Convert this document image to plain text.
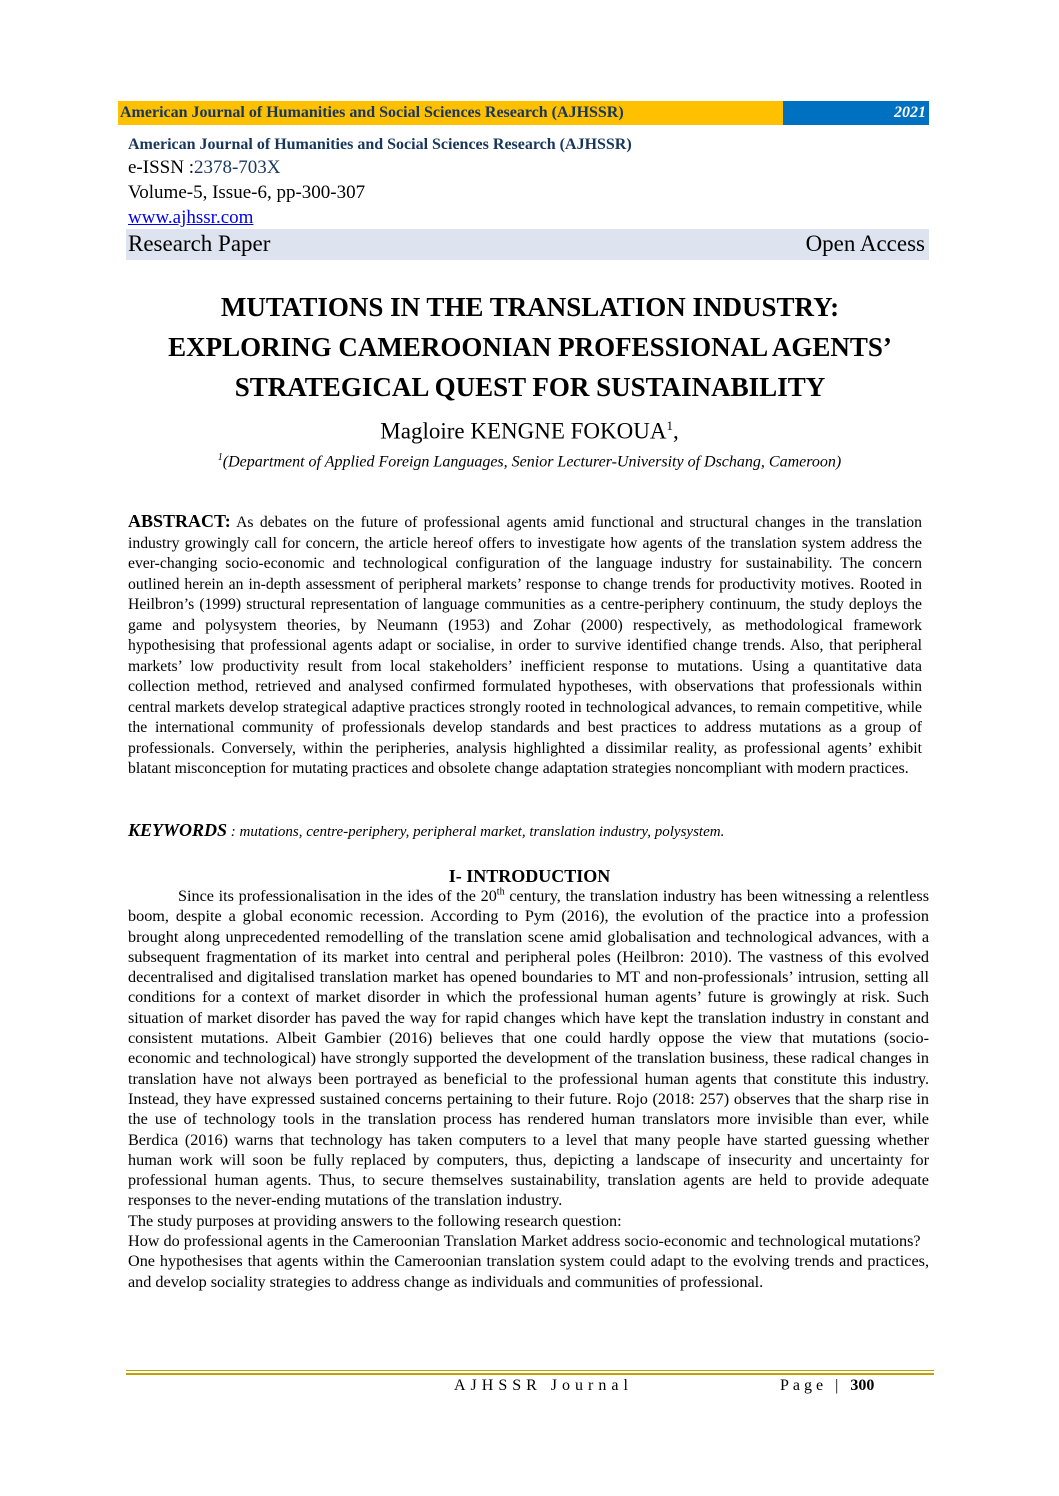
American Journal of Humanities and Social Sciences Research (AJHSSR)	2021
American Journal of Humanities and Social Sciences Research (AJHSSR)
e-ISSN :2378-703X
Volume-5, Issue-6, pp-300-307
www.ajhssr.com
Research Paper	Open Access
MUTATIONS IN THE TRANSLATION INDUSTRY:
EXPLORING CAMEROONIAN PROFESSIONAL AGENTS’
STRATEGICAL QUEST FOR SUSTAINABILITY
Magloire KENGNE FOKOUA$^1$,
$^1$(Department of Applied Foreign Languages, Senior Lecturer-University of Dschang, Cameroon)
ABSTRACT: As debates on the future of professional agents amid functional and structural changes in the translation industry growingly call for concern, the article hereof offers to investigate how agents of the translation system address the ever-changing socio-economic and technological configuration of the language industry for sustainability. The concern outlined herein an in-depth assessment of peripheral markets’ response to change trends for productivity motives. Rooted in Heilbron’s (1999) structural representation of language communities as a centre-periphery continuum, the study deploys the game and polysystem theories, by Neumann (1953) and Zohar (2000) respectively, as methodological framework hypothesising that professional agents adapt or socialise, in order to survive identified change trends. Also, that peripheral markets’ low productivity result from local stakeholders’ inefficient response to mutations. Using a quantitative data collection method, retrieved and analysed confirmed formulated hypotheses, with observations that professionals within central markets develop strategical adaptive practices strongly rooted in technological advances, to remain competitive, while the international community of professionals develop standards and best practices to address mutations as a group of professionals. Conversely, within the peripheries, analysis highlighted a dissimilar reality, as professional agents’ exhibit blatant misconception for mutating practices and obsolete change adaptation strategies noncompliant with modern practices.
KEYWORDS : mutations, centre-periphery, peripheral market, translation industry, polysystem.
I- INTRODUCTION

Since its professionalisation in the ides of the 20th century, the translation industry has been witnessing a relentless boom, despite a global economic recession. According to Pym (2016), the evolution of the practice into a profession brought along unprecedented remodelling of the translation scene amid globalisation and technological advances, with a subsequent fragmentation of its market into central and peripheral poles (Heilbron: 2010). The vastness of this evolved decentralised and digitalised translation market has opened boundaries to MT and non-professionals’ intrusion, setting all conditions for a context of market disorder in which the professional human agents’ future is growingly at risk. Such situation of market disorder has paved the way for rapid changes which have kept the translation industry in constant and consistent mutations. Albeit Gambier (2016) believes that one could hardly oppose the view that mutations (socio-economic and technological) have strongly supported the development of the translation business, these radical changes in translation have not always been portrayed as beneficial to the professional human agents that constitute this industry. Instead, they have expressed sustained concerns pertaining to their future. Rojo (2018: 257) observes that the sharp rise in the use of technology tools in the translation process has rendered human translators more invisible than ever, while Berdica (2016) warns that technology has taken computers to a level that many people have started guessing whether human work will soon be fully replaced by computers, thus, depicting a landscape of insecurity and uncertainty for professional human agents. Thus, to secure themselves sustainability, translation agents are held to provide adequate responses to the never-ending mutations of the translation industry.

The study purposes at providing answers to the following research question:

How do professional agents in the Cameroonian Translation Market address socio-economic and technological mutations?

One hypothesises that agents within the Cameroonian translation system could adapt to the evolving trends and practices, and develop sociality strategies to address change as individuals and communities of professional.

AJHSSR Journal	Page | 300
